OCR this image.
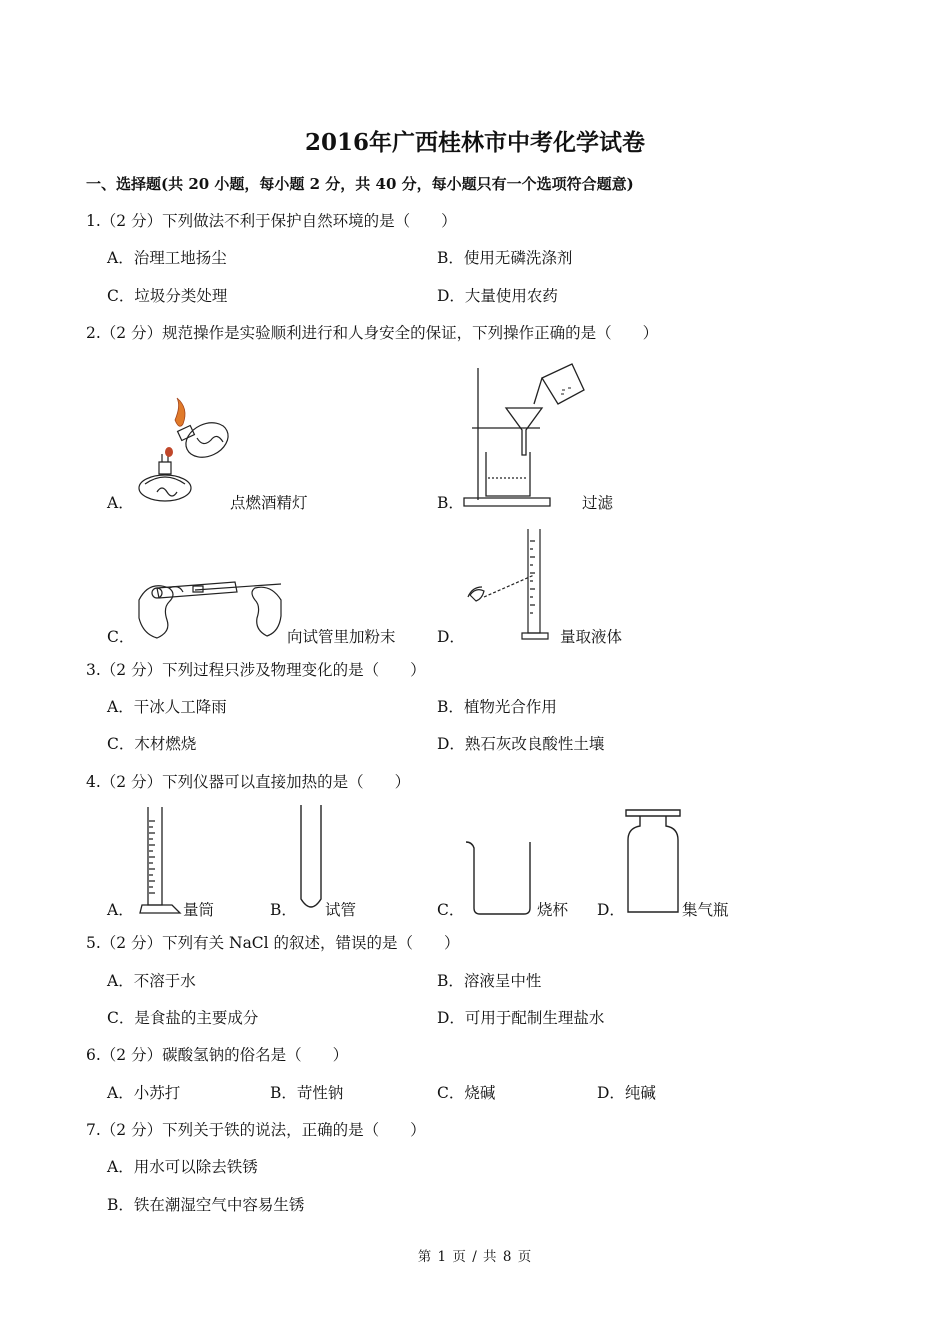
2016年广西桂林市中考化学试卷
一、选择题(共 20 小题，每小题 2 分，共 40 分，每小题只有一个选项符合题意)
1.（2 分）下列做法不利于保护自然环境的是（　　）
A．治理工地扬尘	B．使用无磷洗涤剂
C．垃圾分类处理	D．大量使用农药
2.（2 分）规范操作是实验顺利进行和人身安全的保证，下列操作正确的是（　　）
A．	点燃酒精灯	B．	过滤
C．	向试管里加粉末	D．	量取液体
3.（2 分）下列过程只涉及物理变化的是（　　）
A．干冰人工降雨	B．植物光合作用
C．木材燃烧	D．熟石灰改良酸性土壤
4.（2 分）下列仪器可以直接加热的是（　　）
A．	量筒	B． 试管	C．	烧杯 D．	集气瓶
5.（2 分）下列有关 NaCl 的叙述，错误的是（　　）
A．不溶于水	B．溶液呈中性
C．是食盐的主要成分	D．可用于配制生理盐水
6.（2 分）碳酸氢钠的俗名是（　　）
A．小苏打	B．苛性钠	C．烧碱	D．纯碱
7.（2 分）下列关于铁的说法，正确的是（　　）
A．用水可以除去铁锈
B．铁在潮湿空气中容易生锈
第 1 页 / 共 8 页
